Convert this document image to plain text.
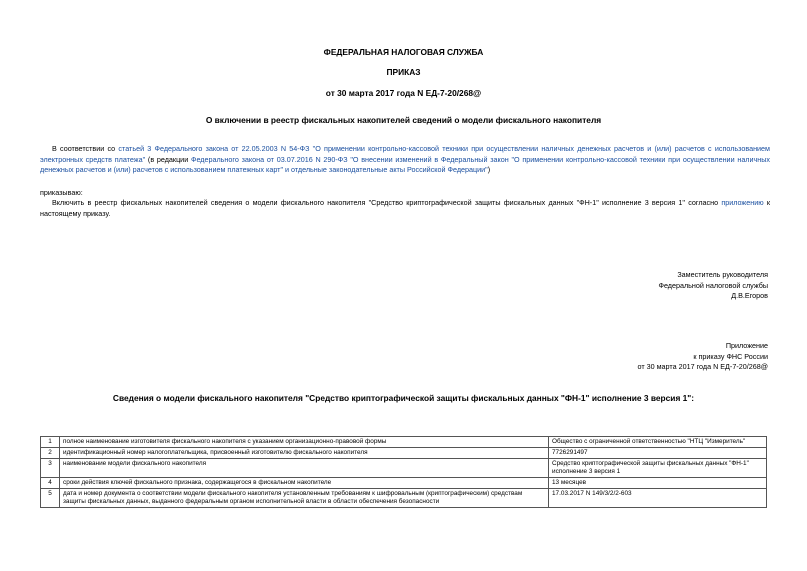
ФЕДЕРАЛЬНАЯ НАЛОГОВАЯ СЛУЖБА
ПРИКАЗ
от 30 марта 2017 года N ЕД-7-20/268@
О включении в реестр фискальных накопителей сведений о модели фискального накопителя
В соответствии со статьей 3 Федерального закона от 22.05.2003 N 54-ФЗ "О применении контрольно-кассовой техники при осуществлении наличных денежных расчетов и (или) расчетов с использованием электронных средств платежа" (в редакции Федерального закона от 03.07.2016 N 290-ФЗ "О внесении изменений в Федеральный закон "О применении контрольно-кассовой техники при осуществлении наличных денежных расчетов и (или) расчетов с использованием платежных карт" и отдельные законодательные акты Российской Федерации")
приказываю:
Включить в реестр фискальных накопителей сведения о модели фискального накопителя "Средство криптографической защиты фискальных данных "ФН-1" исполнение 3 версия 1" согласно приложению к настоящему приказу.
Заместитель руководителя
Федеральной налоговой службы
Д.В.Егоров
Приложение
к приказу ФНС России
от 30 марта 2017 года N ЕД-7-20/268@
Сведения о модели фискального накопителя "Средство криптографической защиты фискальных данных "ФН-1" исполнение 3 версия 1":
1	полное наименование изготовителя фискального накопителя с указанием организационно-правовой формы	Общество с ограниченной ответственностью "НТЦ "Измеритель"
2	идентификационный номер налогоплательщика, присвоенный изготовителю фискального накопителя	7726291497
3	наименование модели фискального накопителя	Средство криптографической защиты фискальных данных "ФН-1" исполнение 3 версия 1
4	сроки действия ключей фискального признака, содержащегося в фискальном накопителе	13 месяцев
5	дата и номер документа о соответствии модели фискального накопителя установленным требованиям к шифровальным (криптографическим) средствам защиты фискальных данных, выданного федеральным органом исполнительной власти в области обеспечения безопасности	17.03.2017 N 149/3/2/2-603
